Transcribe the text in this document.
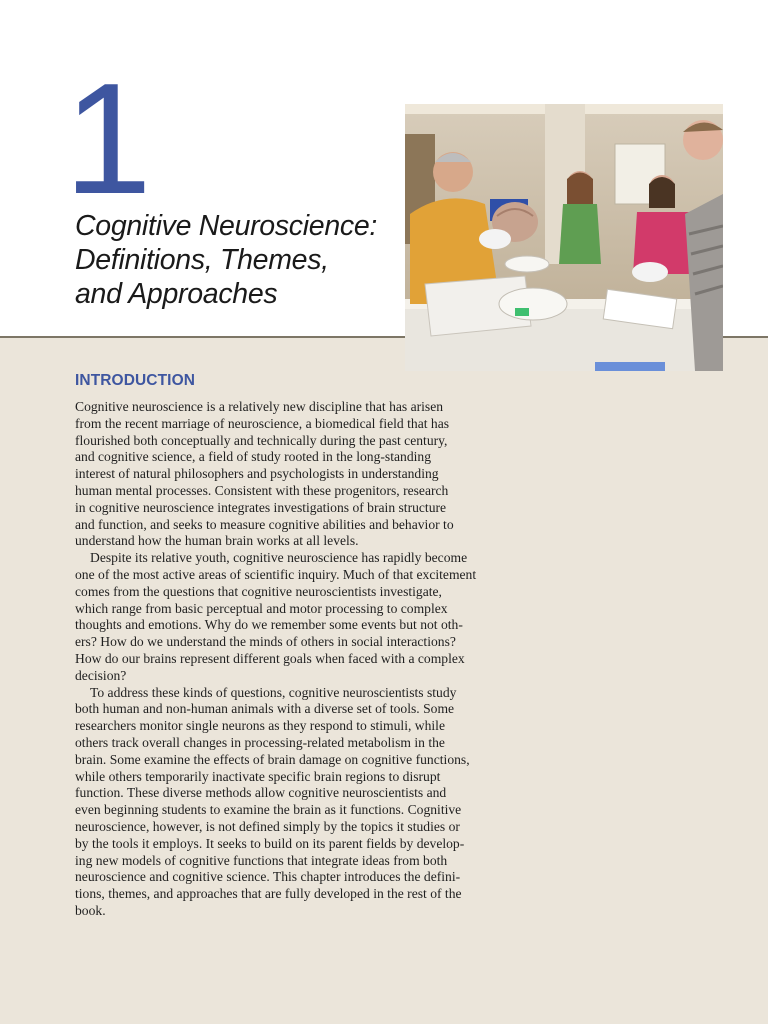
1
Cognitive Neuroscience:
Definitions, Themes,
and Approaches
INTRODUCTION
Cognitive neuroscience is a relatively new discipline that has arisen
from the recent marriage of neuroscience, a biomedical field that has
flourished both conceptually and technically during the past century,
and cognitive science, a field of study rooted in the long-standing
interest of natural philosophers and psychologists in understanding
human mental processes. Consistent with these progenitors, research
in cognitive neuroscience integrates investigations of brain structure
and function, and seeks to measure cognitive abilities and behavior to
understand how the human brain works at all levels.
Despite its relative youth, cognitive neuroscience has rapidly become
one of the most active areas of scientific inquiry. Much of that excitement
comes from the questions that cognitive neuroscientists investigate,
which range from basic perceptual and motor processing to complex
thoughts and emotions. Why do we remember some events but not oth-
ers? How do we understand the minds of others in social interactions?
How do our brains represent different goals when faced with a complex
decision?
To address these kinds of questions, cognitive neuroscientists study
both human and non-human animals with a diverse set of tools. Some
researchers monitor single neurons as they respond to stimuli, while
others track overall changes in processing-related metabolism in the
brain. Some examine the effects of brain damage on cognitive functions,
while others temporarily inactivate specific brain regions to disrupt
function. These diverse methods allow cognitive neuroscientists and
even beginning students to examine the brain as it functions. Cognitive
neuroscience, however, is not defined simply by the topics it studies or
by the tools it employs. It seeks to build on its parent fields by develop-
ing new models of cognitive functions that integrate ideas from both
neuroscience and cognitive science. This chapter introduces the defini-
tions, themes, and approaches that are fully developed in the rest of the
book.
